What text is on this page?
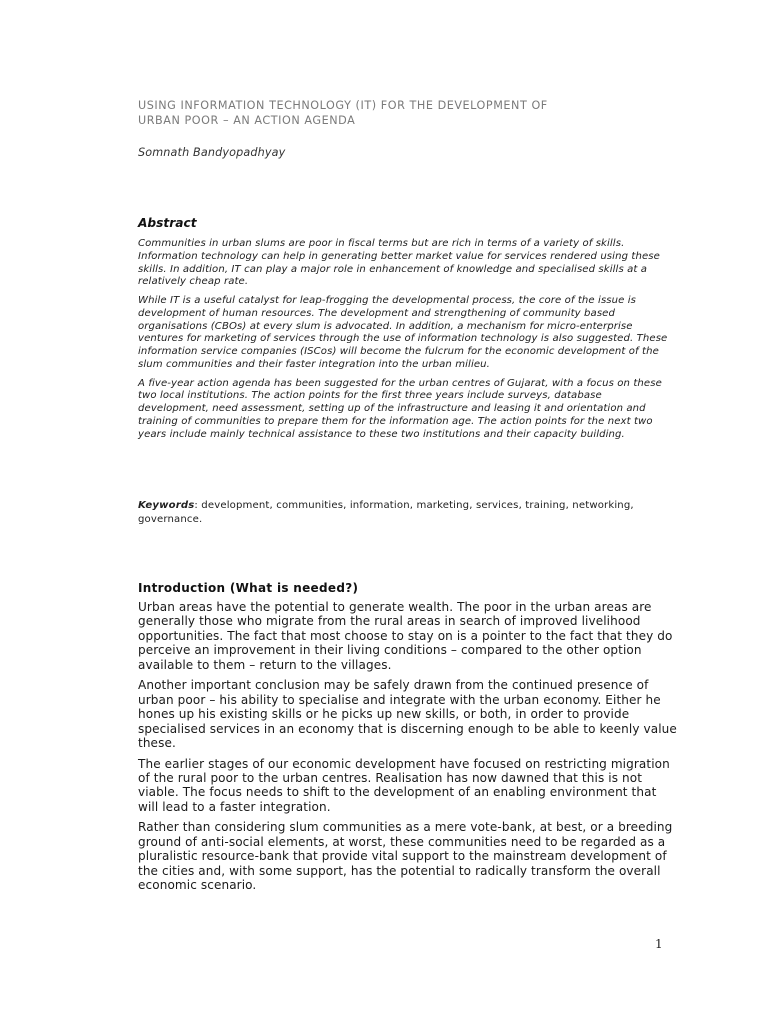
USING INFORMATION TECHNOLOGY (IT) FOR THE DEVELOPMENT OF
URBAN POOR – AN ACTION AGENDA
Somnath Bandyopadhyay
Abstract

Communities in urban slums are poor in fiscal terms but are rich in terms of a variety of skills. Information technology can help in generating better market value for services rendered using these skills. In addition, IT can play a major role in enhancement of knowledge and specialised skills at a relatively cheap rate.

While IT is a useful catalyst for leap-frogging the developmental process, the core of the issue is development of human resources. The development and strengthening of community based organisations (CBOs) at every slum is advocated. In addition, a mechanism for micro-enterprise ventures for marketing of services through the use of information technology is also suggested. These information service companies (ISCos) will become the fulcrum for the economic development of the slum communities and their faster integration into the urban milieu.

A five-year action agenda has been suggested for the urban centres of Gujarat, with a focus on these two local institutions. The action points for the first three years include surveys, database development, need assessment, setting up of the infrastructure and leasing it and orientation and training of communities to prepare them for the information age. The action points for the next two years include mainly technical assistance to these two institutions and their capacity building.

Keywords: development, communities, information, marketing, services, training, networking, governance.
Introduction (What is needed?)

Urban areas have the potential to generate wealth. The poor in the urban areas are generally those who migrate from the rural areas in search of improved livelihood opportunities. The fact that most choose to stay on is a pointer to the fact that they do perceive an improvement in their living conditions – compared to the other option available to them – return to the villages.

Another important conclusion may be safely drawn from the continued presence of urban poor – his ability to specialise and integrate with the urban economy. Either he hones up his existing skills or he picks up new skills, or both, in order to provide specialised services in an economy that is discerning enough to be able to keenly value these.

The earlier stages of our economic development have focused on restricting migration of the rural poor to the urban centres. Realisation has now dawned that this is not viable. The focus needs to shift to the development of an enabling environment that will lead to a faster integration.

Rather than considering slum communities as a mere vote-bank, at best, or a breeding ground of anti-social elements, at worst, these communities need to be regarded as a pluralistic resource-bank that provide vital support to the mainstream development of the cities and, with some support, has the potential to radically transform the overall economic scenario.

1
